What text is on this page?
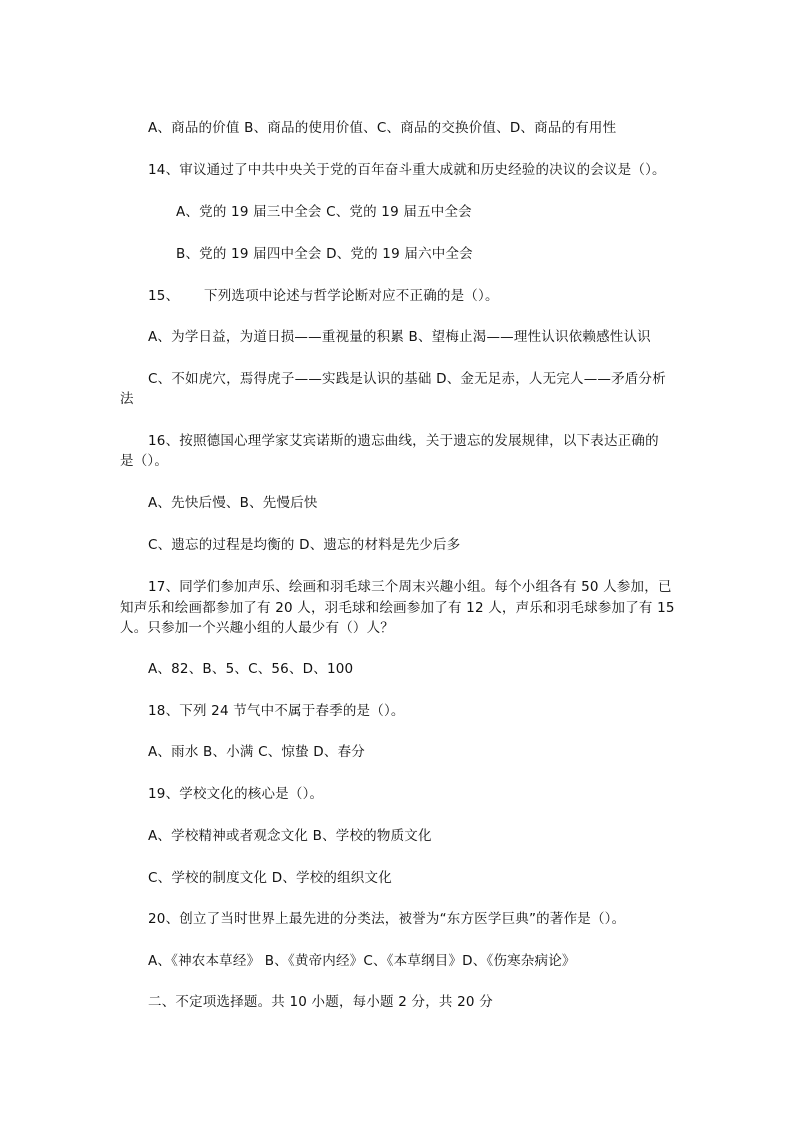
A、商品的价值 B、商品的使用价值、C、商品的交换价值、D、商品的有用性
14、审议通过了中共中央关于党的百年奋斗重大成就和历史经验的决议的会议是（）。
A、党的 19 届三中全会 C、党的 19 届五中全会
B、党的 19 届四中全会 D、党的 19 届六中全会
15、 下列选项中论述与哲学论断对应不正确的是（）。
A、为学日益，为道日损——重视量的积累 B、望梅止渴——理性认识依赖感性认识
C、不如虎穴，焉得虎子——实践是认识的基础 D、金无足赤，人无完人——矛盾分析
法
16、按照德国心理学家艾宾诺斯的遗忘曲线，关于遗忘的发展规律，以下表达正确的
是（）。
A、先快后慢、B、先慢后快
C、遗忘的过程是均衡的 D、遗忘的材料是先少后多
17、同学们参加声乐、绘画和羽毛球三个周末兴趣小组。每个小组各有 50 人参加，已
知声乐和绘画都参加了有 20 人，羽毛球和绘画参加了有 12 人，声乐和羽毛球参加了有 15
人。只参加一个兴趣小组的人最少有（）人？
A、82、B、5、C、56、D、100
18、下列 24 节气中不属于春季的是（）。
A、雨水 B、小满 C、惊蛰 D、春分
19、学校文化的核心是（）。
A、学校精神或者观念文化 B、学校的物质文化
C、学校的制度文化 D、学校的组织文化
20、创立了当时世界上最先进的分类法，被誉为“东方医学巨典”的著作是（）。
A、《神农本草经》 B、《黄帝内经》C、《本草纲目》D、《伤寒杂病论》
二、不定项选择题。共 10 小题，每小题 2 分，共 20 分
